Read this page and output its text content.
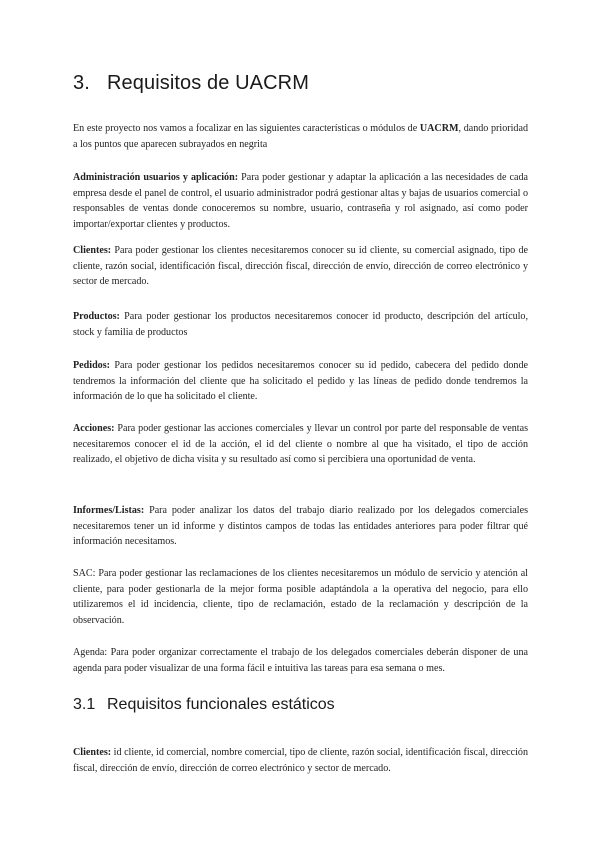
3. Requisitos de UACRM
En este proyecto nos vamos a focalizar en las siguientes características o módulos de UACRM, dando prioridad a los puntos que aparecen subrayados en negrita
Administración usuarios y aplicación: Para poder gestionar y adaptar la aplicación a las necesidades de cada empresa desde el panel de control, el usuario administrador podrá gestionar altas y bajas de usuarios comercial o responsables de ventas donde conoceremos su nombre, usuario, contraseña y rol asignado, así como poder importar/exportar clientes y productos.
Clientes: Para poder gestionar los clientes necesitaremos conocer su id cliente, su comercial asignado, tipo de cliente, razón social, identificación fiscal, dirección fiscal, dirección de envío, dirección de correo electrónico y sector de mercado.
Productos: Para poder gestionar los productos necesitaremos conocer id producto, descripción del artículo, stock y familia de productos
Pedidos: Para poder gestionar los pedidos necesitaremos conocer su id pedido, cabecera del pedido donde tendremos la información del cliente que ha solicitado el pedido y las líneas de pedido donde tendremos la información de lo que ha solicitado el cliente.
Acciones: Para poder gestionar las acciones comerciales y llevar un control por parte del responsable de ventas necesitaremos conocer el id de la acción, el id del cliente o nombre al que ha visitado, el tipo de acción realizado, el objetivo de dicha visita y su resultado así como si percibiera una oportunidad de venta.
Informes/Listas: Para poder analizar los datos del trabajo diario realizado por los delegados comerciales necesitaremos tener un id informe y distintos campos de todas las entidades anteriores para poder filtrar qué información necesitamos.
SAC: Para poder gestionar las reclamaciones de los clientes necesitaremos un módulo de servicio y atención al cliente, para poder gestionarla de la mejor forma posible adaptándola a la operativa del negocio, para ello utilizaremos el id incidencia, cliente, tipo de reclamación, estado de la reclamación y descripción de la observación.
Agenda: Para poder organizar correctamente el trabajo de los delegados comerciales deberán disponer de una agenda para poder visualizar de una forma fácil e intuitiva las tareas para esa semana o mes.
3.1 Requisitos funcionales estáticos
Clientes: id cliente, id comercial, nombre comercial, tipo de cliente, razón social, identificación fiscal, dirección fiscal, dirección de envío, dirección de correo electrónico y sector de mercado.
